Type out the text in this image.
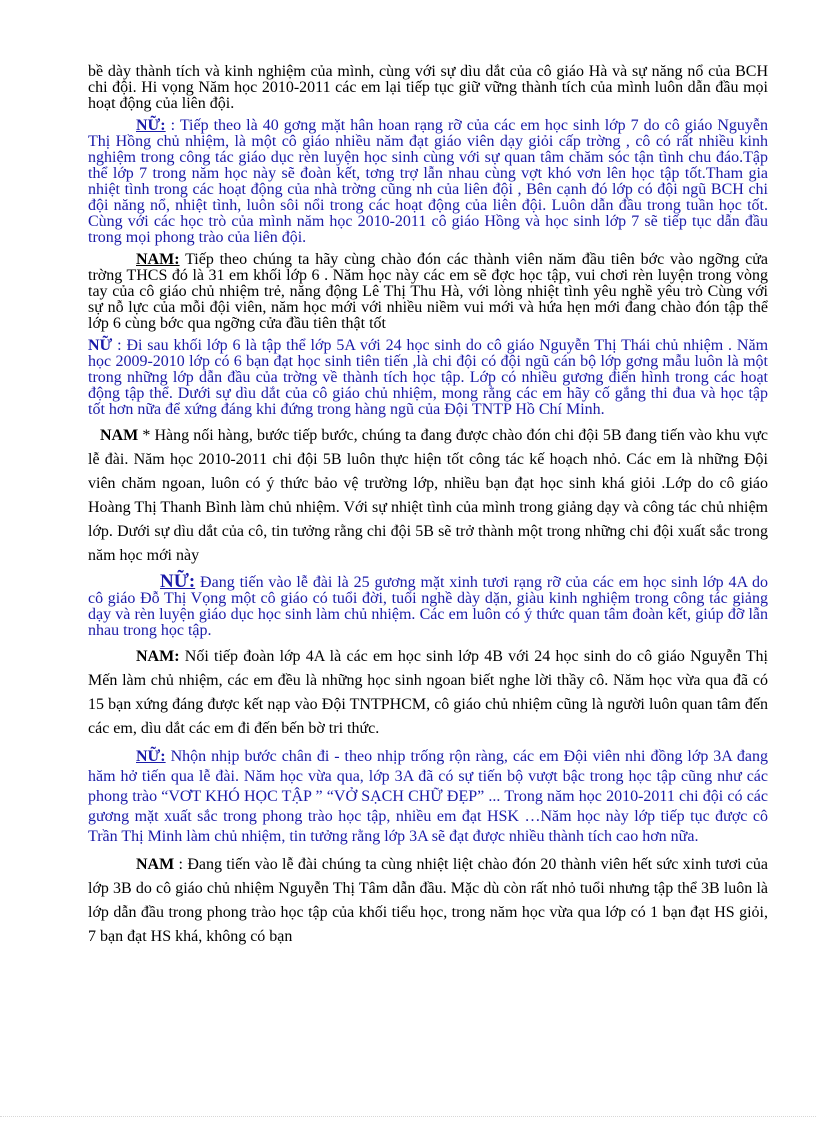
bề dày thành tích và kinh nghiệm của mình, cùng với sự dìu dắt của cô giáo Hà và sự năng nổ của BCH chi đội. Hi vọng Năm học 2010-2011 các em lại tiếp tục giữ vững thành tích của mình luôn dẫn đầu mọi hoạt động của liên đội.

NỮ: : Tiếp theo là 40 gơng mặt hân hoan rạng rỡ của các em học sinh lớp 7 do cô giáo Nguyễn Thị Hồng chủ nhiệm, là một cô giáo nhiều năm đạt giáo viên dạy giỏi cấp trờng , cô có rất nhiều kinh nghiệm trong công tác giáo dục rèn luyện học sinh cùng với sự quan tâm chăm sóc tận tình chu đáo.Tập thể lớp 7 trong năm học này sẽ đoàn kết, tơng trợ lẫn nhau cùng vợt khó vơn lên học tập tốt.Tham gia nhiệt tình trong các hoạt động của nhà trờng cũng nh của liên đội , Bên cạnh đó lớp có đội ngũ BCH chi đội năng nổ, nhiệt tình, luôn sôi nổi trong các hoạt động của liên đội. Luôn dẫn đầu trong tuần học tốt. Cùng với các học trò của mình năm học 2010-2011 cô giáo Hồng và học sinh lớp 7 sẽ tiếp tục dẫn đầu trong mọi phong trào của liên đội.

NAM: Tiếp theo chúng ta hãy cùng chào đón các thành viên năm đầu tiên bớc vào ngỡng cửa trờng THCS đó là 31 em khối lớp 6 . Năm học này các em sẽ đợc học tập, vui chơi rèn luyện trong vòng tay của cô giáo chủ nhiệm trẻ, năng động Lê Thị Thu Hà, với lòng nhiệt tình yêu nghề yêu trò Cùng với sự nỗ lực của mỗi đội viên, năm học mới với nhiều niềm vui mới và hứa hẹn mới đang chào đón tập thể lớp 6 cùng bớc qua ngỡng cửa đầu tiên thật tốt

NỮ : Đi sau khối lớp 6 là tập thể lớp 5A với 24 học sinh do cô giáo Nguyễn Thị Thái chủ nhiệm . Năm học 2009-2010 lớp có 6 bạn đạt học sinh tiên tiến ,là chi đội có đội ngũ cán bộ lớp gơng mẫu luôn là một trong những lớp dẫn đầu của trờng về thành tích học tập. Lớp có nhiều gương điển hình trong các hoạt động tập thể. Dưới sự dìu dắt của cô giáo chủ nhiệm, mong rằng các em hãy cố gắng thi đua và học tập tốt hơn nữa để xứng đáng khi đứng trong hàng ngũ của Đội TNTP Hồ Chí Minh.

NAM * Hàng nối hàng, bước tiếp bước, chúng ta đang được chào đón chi đội 5B đang tiến vào khu vực lễ đài. Năm học 2010-2011 chi đội 5B luôn thực hiện tốt công tác kế hoạch nhỏ. Các em là những Đội viên chăm ngoan, luôn có ý thức bảo vệ trường lớp, nhiều bạn đạt học sinh khá giỏi .Lớp do cô giáo Hoàng Thị Thanh Bình làm chủ nhiệm. Với sự nhiệt tình của mình trong giảng dạy và công tác chủ nhiệm lớp. Dưới sự dìu dắt của cô, tin tưởng rằng chi đội 5B sẽ trở thành một trong những chi đội xuất sắc trong năm học mới này

NỮ: Đang tiến vào lễ đài là 25 gương mặt xinh tươi rạng rỡ của các em học sinh lớp 4A do cô giáo Đỗ Thị Vọng một cô giáo có tuổi đời, tuổi nghề dày dặn, giàu kinh nghiệm trong công tác giảng dạy và rèn luyện giáo dục học sinh làm chủ nhiệm. Các em luôn có ý thức quan tâm đoàn kết, giúp đỡ lẫn nhau trong học tập.

NAM: Nối tiếp đoàn lớp 4A là các em học sinh lớp 4B với 24 học sinh do cô giáo Nguyễn Thị Mến làm chủ nhiệm, các em đều là những học sinh ngoan biết nghe lời thầy cô. Năm học vừa qua đã có 15 bạn xứng đáng được kết nạp vào Đội TNTPHCM, cô giáo chủ nhiệm cũng là người luôn quan tâm đến các em, dìu dắt các em đi đến bến bờ tri thức.

NỮ: Nhộn nhịp bước chân đi - theo nhịp trống rộn ràng, các em Đội viên nhi đồng lớp 3A đang hăm hở tiến qua lễ đài. Năm học vừa qua, lớp 3A đã có sự tiến bộ vượt bậc trong học tập cũng như các phong trào “VƠT KHÓ HỌC TẬP ” “VỞ SẠCH CHỮ ĐẸP” ... Trong năm học 2010-2011 chi đội có các gương mặt xuất sắc trong phong trào học tập, nhiều em đạt HSK …Năm học này lớp tiếp tục được cô Trần Thị Minh làm chủ nhiệm, tin tưởng rằng lớp 3A sẽ đạt được nhiều thành tích cao hơn nữa.

NAM : Đang tiến vào lễ đài chúng ta cùng nhiệt liệt chào đón 20 thành viên hết sức xinh tươi của lớp 3B do cô giáo chủ nhiệm Nguyễn Thị Tâm dẫn đầu. Mặc dù còn rất nhỏ tuổi nhưng tập thể 3B luôn là lớp dẫn đầu trong phong trào học tập của khối tiểu học, trong năm học vừa qua lớp có 1 bạn đạt HS giỏi, 7 bạn đạt HS khá, không có bạn
